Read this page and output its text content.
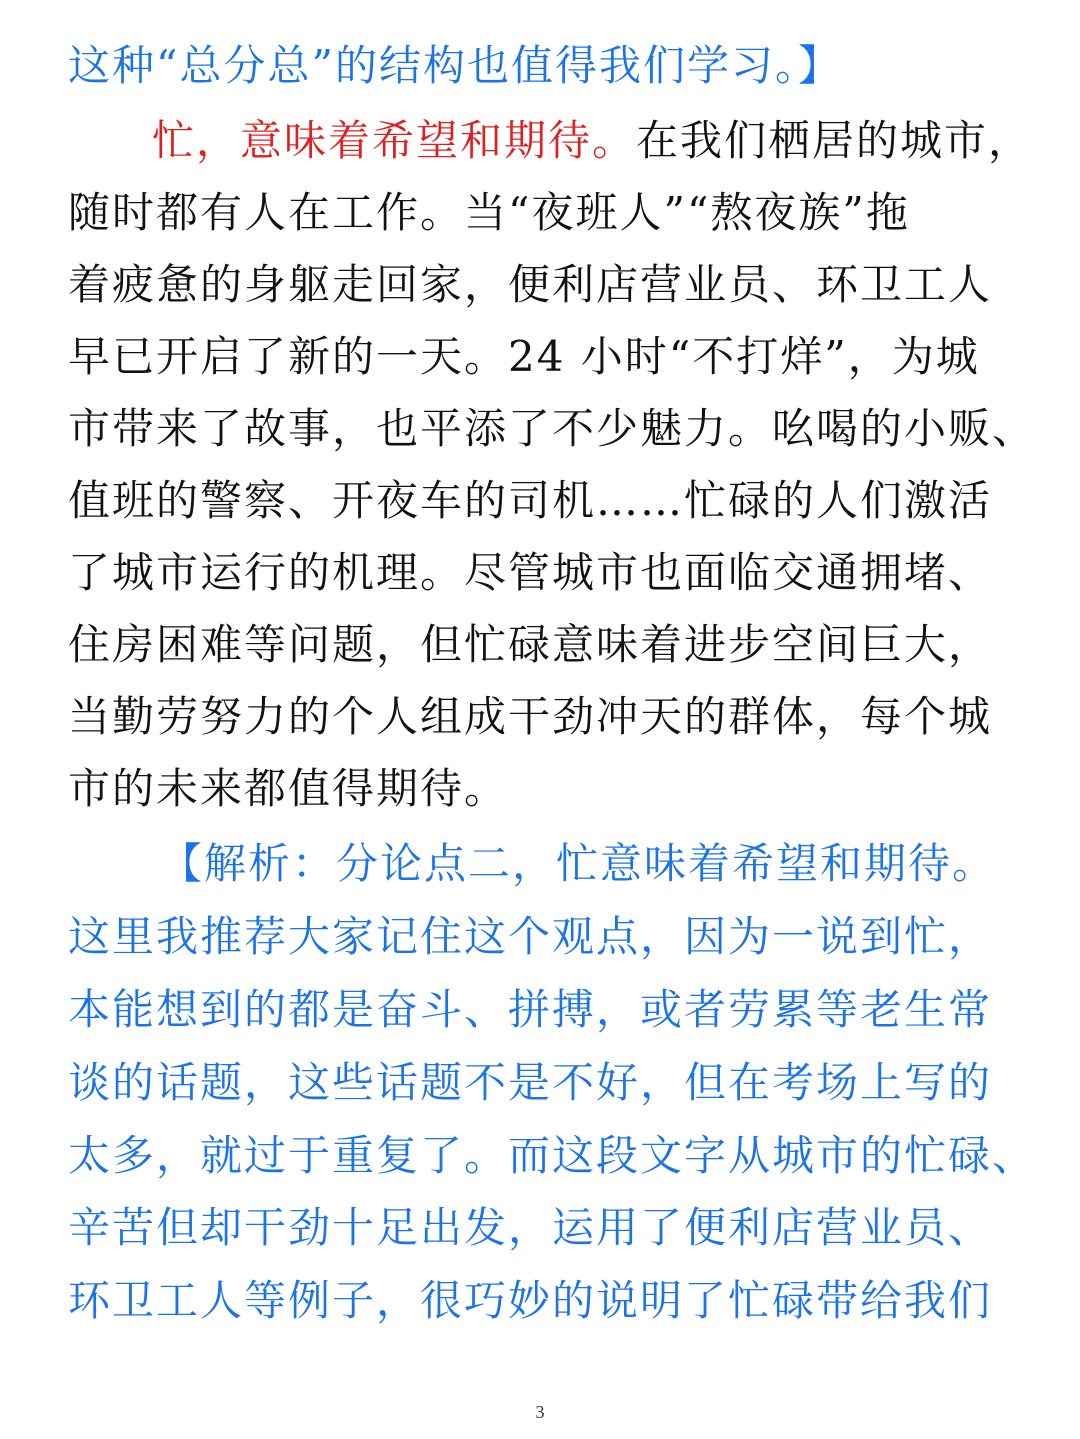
这种“总分总”的结构也值得我们学习。】
忙，意味着希望和期待。在我们栖居的城市，
随时都有人在工作。当“夜班人”“熬夜族”拖
着疲惫的身躯走回家，便利店营业员、环卫工人
早已开启了新的一天。24 小时“不打烊”，为城
市带来了故事，也平添了不少魅力。吆喝的小贩、
值班的警察、开夜车的司机……忙碌的人们激活
了城市运行的机理。尽管城市也面临交通拥堵、
住房困难等问题，但忙碌意味着进步空间巨大，
当勤劳努力的个人组成干劲冲天的群体，每个城
市的未来都值得期待。
【解析：分论点二，忙意味着希望和期待。
这里我推荐大家记住这个观点，因为一说到忙，
本能想到的都是奋斗、拼搏，或者劳累等老生常
谈的话题，这些话题不是不好，但在考场上写的
太多，就过于重复了。而这段文字从城市的忙碌、
辛苦但却干劲十足出发，运用了便利店营业员、
环卫工人等例子，很巧妙的说明了忙碌带给我们
3
